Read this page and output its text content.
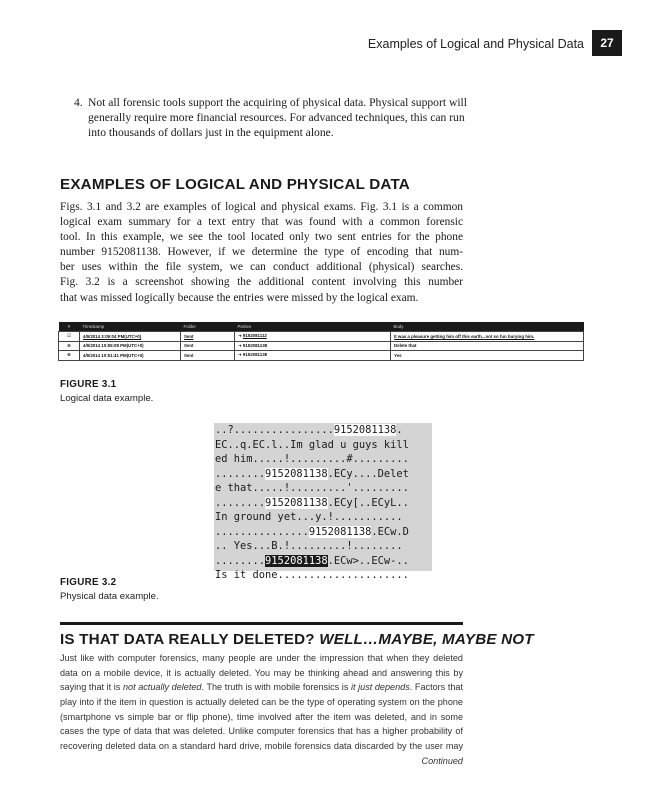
Examples of Logical and Physical Data	27
4. Not all forensic tools support the acquiring of physical data. Physical support will generally require more financial resources. For advanced techniques, this can run into thousands of dollars just in the equipment alone.
EXAMPLES OF LOGICAL AND PHYSICAL DATA
Figs. 3.1 and 3.2 are examples of logical and physical exams. Fig. 3.1 is a common
logical exam summary for a text entry that was found with a common forensic
tool. In this example, we see the tool located only two sent entries for the phone
number 9152081138. However, if we determine the type of encoding that num-
ber uses within the file system, we can conduct additional (physical) searches.
Fig. 3.2 is a screenshot showing the additional content involving this number
that was missed logically because the entries were missed by the logical exam.
#	Timestamp	Folder	Parties	Body
☑	4/9/2014 3:09:04 PM(UTC+0)	Sent	➜ 9152081112	It was a pleasure getting him off this earth...not so fun burying him.
⊕	4/9/2014 10:55:08 PM(UTC+0)	Sent	➜ 9152081138	Delete that
⊕	4/9/2014 10:51:41 PM(UTC+0)	Sent	➜ 9152081138	Yes
FIGURE 3.1
Logical data example.
..?................9152081138.
EC..q.EC.l..Im glad u guys kill
ed him.....!.........#.........
........9152081138.ECy....Delet
e that.....!.........'.........
........9152081138.ECy[..ECyL..
In ground yet...y.!...........
...............9152081138.ECw.D
.. Yes...B.!.........!........
........9152081138.ECw>..ECw-..
Is it done.....................
FIGURE 3.2
Physical data example.
IS THAT DATA REALLY DELETED? WELL…MAYBE, MAYBE NOT
Just like with computer forensics, many people are under the impression that when they deleted
data on a mobile device, it is actually deleted. You may be thinking ahead and answering this by
saying that it is not actually deleted. The truth is with mobile forensics is it just depends. Factors that
play into if the item in question is actually deleted can be the type of operating system on the phone
(smartphone vs simple bar or flip phone), time involved after the item was deleted, and in some
cases the type of data that was deleted. Unlike computer forensics that has a higher probability of
recovering deleted data on a standard hard drive, mobile forensics data discarded by the user may
Continued
